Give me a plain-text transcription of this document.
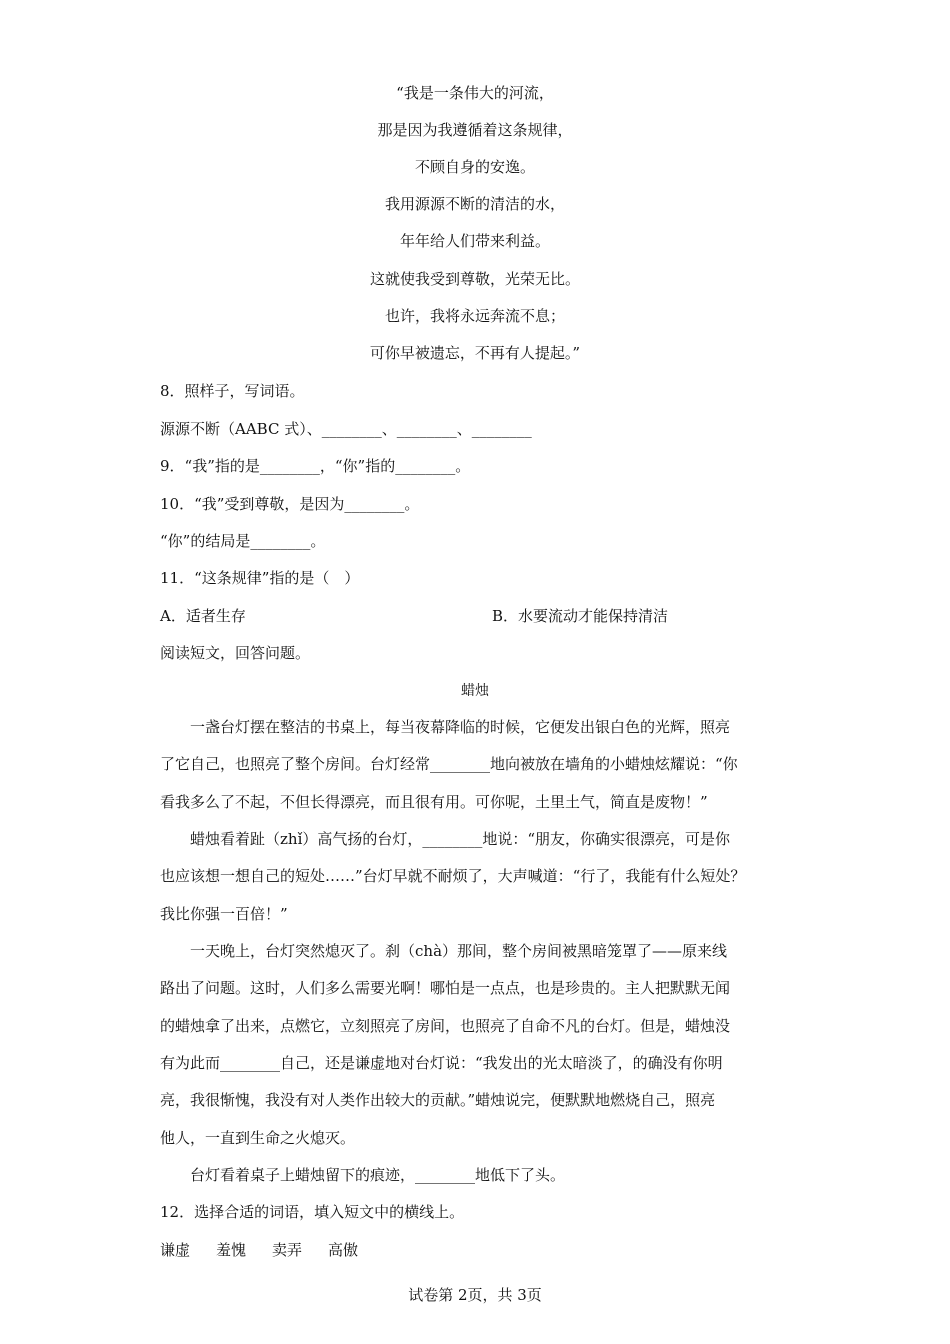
“我是一条伟大的河流，
那是因为我遵循着这条规律，
不顾自身的安逸。
我用源源不断的清洁的水，
年年给人们带来利益。
这就使我受到尊敬，光荣无比。
也许，我将永远奔流不息；
可你早被遗忘，不再有人提起。”
8．照样子，写词语。
源源不断（AABC 式）、________、________、________
9．“我”指的是________，“你”指的________。
10．“我”受到尊敬，是因为________。
“你”的结局是________。
11．“这条规律”指的是（　）
A．适者生存	B．水要流动才能保持清洁
阅读短文，回答问题。
蜡烛
一盏台灯摆在整洁的书桌上，每当夜幕降临的时候，它便发出银白色的光辉，照亮
了它自己，也照亮了整个房间。台灯经常________地向被放在墙角的小蜡烛炫耀说：“你
看我多么了不起，不但长得漂亮，而且很有用。可你呢，土里土气，简直是废物！”
蜡烛看着趾（zhǐ）高气扬的台灯，________地说：“朋友，你确实很漂亮，可是你
也应该想一想自己的短处……”台灯早就不耐烦了，大声喊道：“行了，我能有什么短处？
我比你强一百倍！”
一天晚上，台灯突然熄灭了。刹（chà）那间，整个房间被黑暗笼罩了——原来线
路出了问题。这时，人们多么需要光啊！哪怕是一点点，也是珍贵的。主人把默默无闻
的蜡烛拿了出来，点燃它，立刻照亮了房间，也照亮了自命不凡的台灯。但是，蜡烛没
有为此而________自己，还是谦虚地对台灯说：“我发出的光太暗淡了，的确没有你明
亮，我很惭愧，我没有对人类作出较大的贡献。”蜡烛说完，便默默地燃烧自己，照亮
他人，一直到生命之火熄灭。
台灯看着桌子上蜡烛留下的痕迹，________地低下了头。
12．选择合适的词语，填入短文中的横线上。
谦虚 羞愧 卖弄 高傲
试卷第 2页，共 3页
